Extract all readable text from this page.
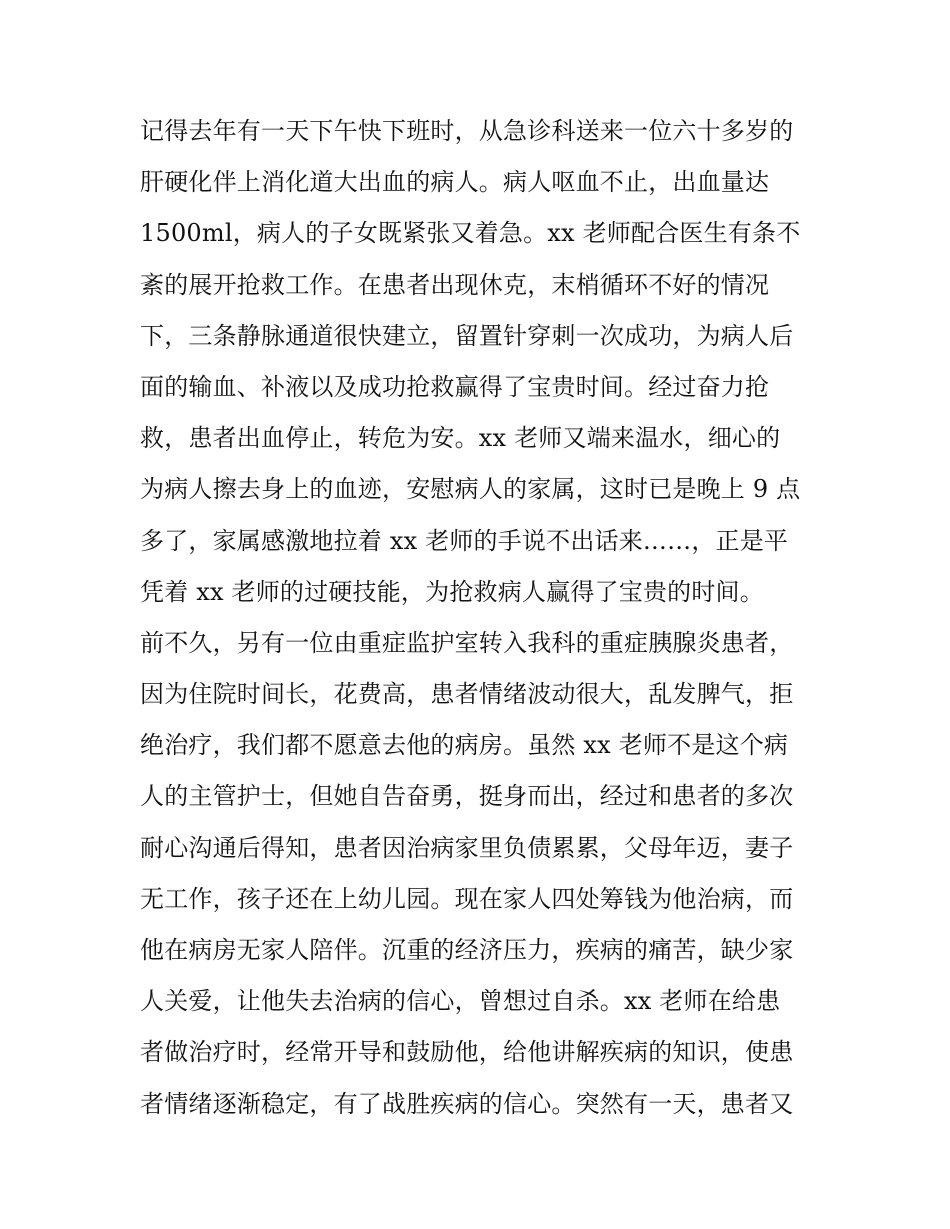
记得去年有一天下午快下班时，从急诊科送来一位六十多岁的
肝硬化伴上消化道大出血的病人。病人呕血不止，出血量达
1500ml，病人的子女既紧张又着急。xx 老师配合医生有条不
紊的展开抢救工作。在患者出现休克，末梢循环不好的情况
下，三条静脉通道很快建立，留置针穿刺一次成功，为病人后
面的输血、补液以及成功抢救赢得了宝贵时间。经过奋力抢
救，患者出血停止，转危为安。xx 老师又端来温水，细心的
为病人擦去身上的血迹，安慰病人的家属，这时已是晚上 9 点
多了，家属感激地拉着 xx 老师的手说不出话来……，正是平
凭着 xx 老师的过硬技能，为抢救病人赢得了宝贵的时间。
前不久，另有一位由重症监护室转入我科的重症胰腺炎患者，
因为住院时间长，花费高，患者情绪波动很大，乱发脾气，拒
绝治疗，我们都不愿意去他的病房。虽然 xx 老师不是这个病
人的主管护士，但她自告奋勇，挺身而出，经过和患者的多次
耐心沟通后得知，患者因治病家里负债累累，父母年迈，妻子
无工作，孩子还在上幼儿园。现在家人四处筹钱为他治病，而
他在病房无家人陪伴。沉重的经济压力，疾病的痛苦，缺少家
人关爱，让他失去治病的信心，曾想过自杀。xx 老师在给患
者做治疗时，经常开导和鼓励他，给他讲解疾病的知识，使患
者情绪逐渐稳定，有了战胜疾病的信心。突然有一天，患者又
